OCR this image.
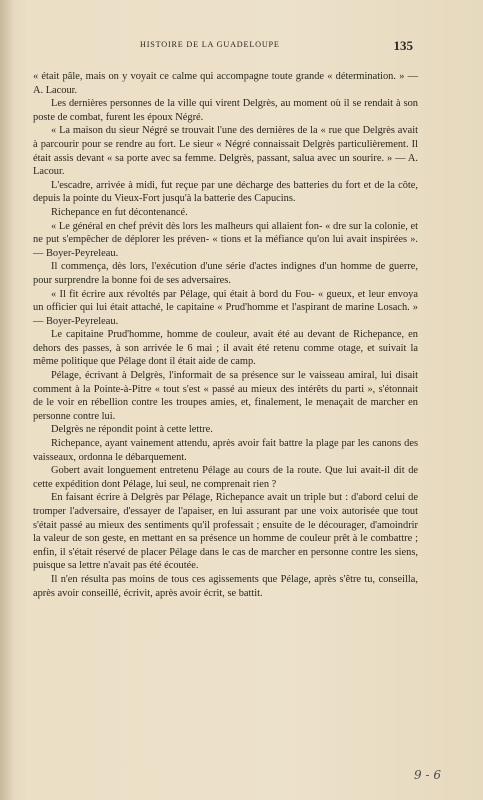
HISTOIRE DE LA GUADELOUPE	135

« était pâle, mais on y voyait ce calme qui accompagne toute grande « détermination. » — A. Lacour.

Les dernières personnes de la ville qui virent Delgrès, au moment où il se rendait à son poste de combat, furent les époux Négré.

« La maison du sieur Négré se trouvait l'une des dernières de la « rue que Delgrès avait à parcourir pour se rendre au fort. Le sieur « Négré connaissait Delgrès particulièrement. Il était assis devant « sa porte avec sa femme. Delgrès, passant, salua avec un sourire. » — A. Lacour.

L'escadre, arrivée à midi, fut reçue par une décharge des batteries du fort et de la côte, depuis la pointe du Vieux-Fort jusqu'à la batterie des Capucins.

Richepance en fut décontenancé.

« Le général en chef prévit dès lors les malheurs qui allaient fon- « dre sur la colonie, et ne put s'empêcher de déplorer les préven- « tions et la méfiance qu'on lui avait inspirées ». — Boyer-Peyreleau.

Il commença, dès lors, l'exécution d'une série d'actes indignes d'un homme de guerre, pour surprendre la bonne foi de ses adversaires.

« Il fit écrire aux révoltés par Pélage, qui était à bord du Fou- « gueux, et leur envoya un officier qui lui était attaché, le capitaine « Prud'homme et l'aspirant de marine Losach. » — Boyer-Peyreleau.

Le capitaine Prud'homme, homme de couleur, avait été au devant de Richepance, en dehors des passes, à son arrivée le 6 mai ; il avait été retenu comme otage, et suivait la même politique que Pélage dont il était aide de camp.

Pélage, écrivant à Delgrès, l'informait de sa présence sur le vaisseau amiral, lui disait comment à la Pointe-à-Pitre « tout s'est « passé au mieux des intérêts du parti », s'étonnait de le voir en rébellion contre les troupes amies, et, finalement, le menaçait de marcher en personne contre lui.

Delgrès ne répondit point à cette lettre.

Richepance, ayant vainement attendu, après avoir fait battre la plage par les canons des vaisseaux, ordonna le débarquement.

Gobert avait longuement entretenu Pélage au cours de la route. Que lui avait-il dit de cette expédition dont Pélage, lui seul, ne comprenait rien ?

En faisant écrire à Delgrès par Pélage, Richepance avait un triple but : d'abord celui de tromper l'adversaire, d'essayer de l'apaiser, en lui assurant par une voix autorisée que tout s'était passé au mieux des sentiments qu'il professait ; ensuite de le décourager, d'amoindrir la valeur de son geste, en mettant en sa présence un homme de couleur prêt à le combattre ; enfin, il s'était réservé de placer Pélage dans le cas de marcher en personne contre les siens, puisque sa lettre n'avait pas été écoutée.

Il n'en résulta pas moins de tous ces agissements que Pélage, après s'être tu, conseilla, après avoir conseillé, écrivit, après avoir écrit, se battit.

9 - 6
